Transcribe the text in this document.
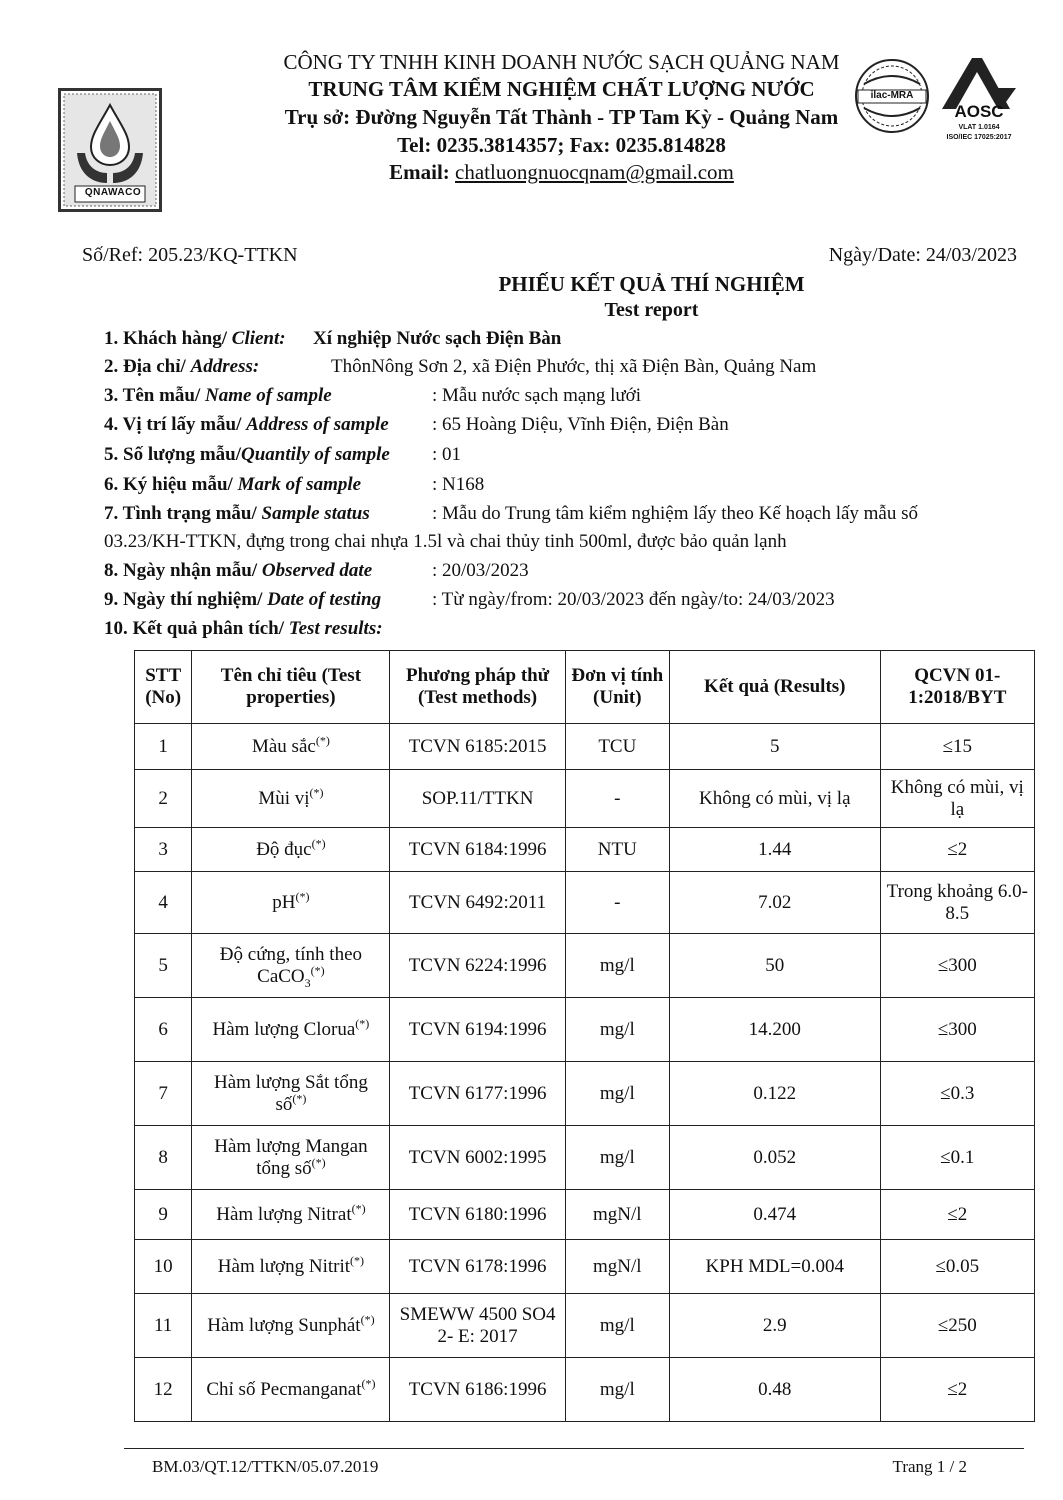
QNAWACO
CÔNG TY TNHH KINH DOANH NƯỚC SẠCH QUẢNG NAM
TRUNG TÂM KIỂM NGHIỆM CHẤT LƯỢNG NƯỚC
Trụ sở: Đường Nguyễn Tất Thành - TP Tam Kỳ - Quảng Nam
Tel: 0235.3814357; Fax: 0235.814828
Email: chatluongnuocqnam@gmail.com
ilac-MRA
AOSC
VLAT 1.0164
ISO/IEC 17025:2017
Số/Ref: 205.23/KQ-TTKN	Ngày/Date: 24/03/2023
PHIẾU KẾT QUẢ THÍ NGHIỆM
Test report
1. Khách hàng/ Client: Xí nghiệp Nước sạch Điện Bàn
2. Địa chỉ/ Address:	ThônNông Sơn 2, xã Điện Phước, thị xã Điện Bàn, Quảng Nam
3. Tên mẫu/ Name of sample	: Mẫu nước sạch mạng lưới
4. Vị trí lấy mẫu/ Address of sample : 65 Hoàng Diệu, Vĩnh Điện, Điện Bàn
5. Số lượng mẫu/Quantily of sample : 01
6. Ký hiệu mẫu/ Mark of sample	: N168
7. Tình trạng mẫu/ Sample status	: Mẫu do Trung tâm kiểm nghiệm lấy theo Kế hoạch lấy mẫu số
03.23/KH-TTKN, đựng trong chai nhựa 1.5l và chai thủy tinh 500ml, được bảo quản lạnh
8. Ngày nhận mẫu/ Observed date	: 20/03/2023
9. Ngày thí nghiệm/ Date of testing	: Từ ngày/from: 20/03/2023 đến ngày/to: 24/03/2023
10. Kết quả phân tích/ Test results:
STT (No)	Tên chỉ tiêu (Test properties)	Phương pháp thử (Test methods)	Đơn vị tính (Unit)	Kết quả (Results)	QCVN 01-1:2018/BYT
1	Màu sắc(*)	TCVN 6185:2015	TCU	5	≤15
2	Mùi vị(*)	SOP.11/TTKN	-	Không có mùi, vị lạ	Không có mùi, vị lạ
3	Độ đục(*)	TCVN 6184:1996	NTU	1.44	≤2
4	pH(*)	TCVN 6492:2011	-	7.02	Trong khoảng 6.0-8.5
5	Độ cứng, tính theo CaCO$_3$(*)	TCVN 6224:1996	mg/l	50	≤300
6	Hàm lượng Clorua(*)	TCVN 6194:1996	mg/l	14.200	≤300
7	Hàm lượng Sắt tổng số(*)	TCVN 6177:1996	mg/l	0.122	≤0.3
8	Hàm lượng Mangan tổng số(*)	TCVN 6002:1995	mg/l	0.052	≤0.1
9	Hàm lượng Nitrat(*)	TCVN 6180:1996	mgN/l	0.474	≤2
10	Hàm lượng Nitrit(*)	TCVN 6178:1996	mgN/l	KPH MDL=0.004	≤0.05
11	Hàm lượng Sunphát(*)	SMEWW 4500 SO4 2- E: 2017	mg/l	2.9	≤250
12	Chỉ số Pecmanganat(*)	TCVN 6186:1996	mg/l	0.48	≤2
BM.03/QT.12/TTKN/05.07.2019	Trang 1 / 2
